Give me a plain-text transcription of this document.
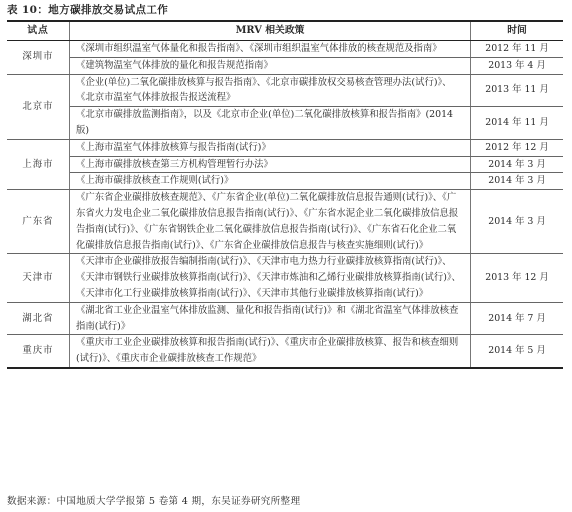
表 10：地方碳排放交易试点工作
试点	MRV 相关政策	时间
深圳市	《深圳市组织温室气体量化和报告指南》、《深圳市组织温室气体排放的核查规范及指南》	2012 年 11 月
	《建筑物温室气体排放的量化和报告规范指南》	2013 年 4 月
北京市	《企业(单位)二氧化碳排放核算与报告指南》、《北京市碳排放权交易核查管理办法(试行)》、《北京市温室气体排放报告报送流程》	2013 年 11 月
	《北京市碳排放监测指南》，以及《北京市企业(单位)二氧化碳排放核算和报告指南》(2014 版)	2014 年 11 月
上海市	《上海市温室气体排放核算与报告指南(试行)》	2012 年 12 月
	《上海市碳排放核查第三方机构管理暂行办法》	2014 年 3 月
	《上海市碳排放核查工作规则(试行)》	2014 年 3 月
广东省	《广东省企业碳排放核查规范》、《广东省企业(单位)二氧化碳排放信息报告通则(试行)》、《广东省火力发电企业二氧化碳排放信息报告指南(试行)》、《广东省水泥企业二氧化碳排放信息报告指南(试行)》、《广东省钢铁企业二氧化碳排放信息报告指南(试行)》、《广东省石化企业二氧化碳排放信息报告指南(试行)》、《广东省企业碳排放信息报告与核查实施细则(试行)》	2014 年 3 月
天津市	《天津市企业碳排放报告编制指南(试行)》、《天津市电力热力行业碳排放核算指南(试行)》、《天津市钢铁行业碳排放核算指南(试行)》、《天津市炼油和乙烯行业碳排放核算指南(试行)》、《天津市化工行业碳排放核算指南(试行)》、《天津市其他行业碳排放核算指南(试行)》	2013 年 12 月
湖北省	《湖北省工业企业温室气体排放监测、量化和报告指南(试行)》和《湖北省温室气体排放核查指南(试行)》	2014 年 7 月
重庆市	《重庆市工业企业碳排放核算和报告指南(试行)》、《重庆市企业碳排放核算、报告和核查细则(试行)》、《重庆市企业碳排放核查工作规范》	2014 年 5 月
数据来源：中国地质大学学报第 5 卷第 4 期，东吴证券研究所整理
